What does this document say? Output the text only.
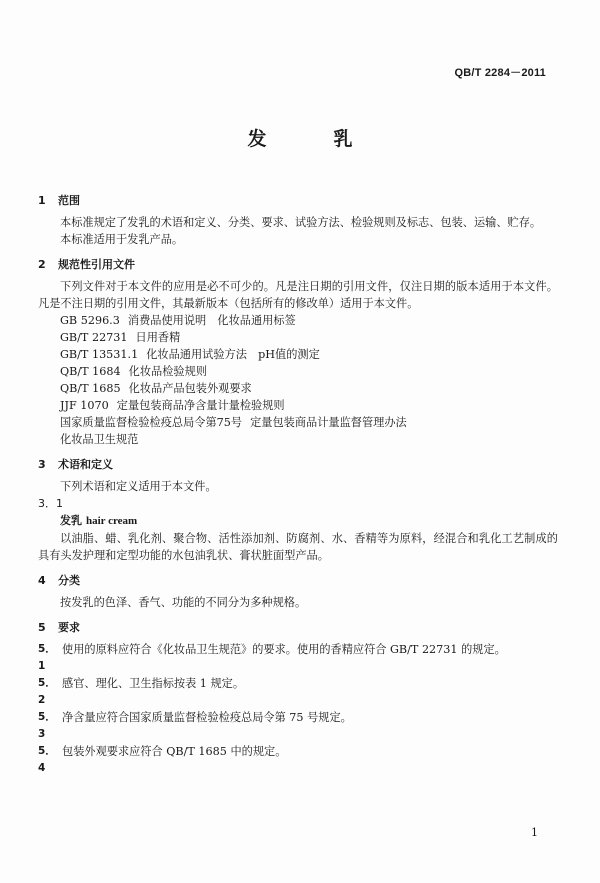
QB/T 2284－2011
发　乳
1	范围

本标准规定了发乳的术语和定义、分类、要求、试验方法、检验规则及标志、包装、运输、贮存。

本标准适用于发乳产品。

2	规范性引用文件

下列文件对于本文件的应用是必不可少的。凡是注日期的引用文件，仅注日期的版本适用于本文件。凡是不注日期的引用文件，其最新版本（包括所有的修改单）适用于本文件。

GB 5296.3 消费品使用说明　化妆品通用标签
GB/T 22731 日用香精
GB/T 13531.1 化妆品通用试验方法　pH值的测定
QB/T 1684 化妆品检验规则
QB/T 1685 化妆品产品包装外观要求
JJF 1070 定量包装商品净含量计量检验规则
国家质量监督检验检疫总局令第75号 定量包装商品计量监督管理办法
化妆品卫生规范
3	术语和定义

下列术语和定义适用于本文件。

3．1
发乳 hair cream

以油脂、蜡、乳化剂、聚合物、活性添加剂、防腐剂、水、香精等为原料，经混合和乳化工艺制成的具有头发护理和定型功能的水包油乳状、膏状脏面型产品。

4	分类

按发乳的色泽、香气、功能的不同分为多种规格。

5	要求
5．1
使用的原料应符合《化妆品卫生规范》的要求。使用的香精应符合 GB/T 22731 的规定。
5．2
感官、理化、卫生指标按表 1 规定。
5．3
净含量应符合国家质量监督检验检疫总局令第 75 号规定。
5．4
包装外观要求应符合 QB/T 1685 中的规定。
1
